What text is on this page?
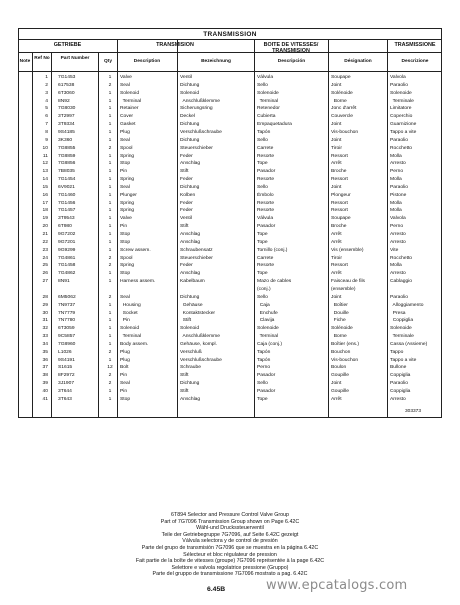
TRANSMISSION
GETRIEBE	TRANSMISION	BOITE DE VITESSES/ TRANSMISION
TRASMISSIONE
Note
Ref No	Part Number
Qty	Description	Bezeichnung	Descripción	Désignation	Descrizione
1 7G1453	1	Valve	Ventil	Válvula	Soupape	Valvola
2 617538	2	Seal	Dichtung	Sello	Joint	Paraolio
3 6T3060	1	Solenoid	Solenoid	Solenoide	Solénoide	Solenoide
4 8N92	1	Terminal	Anschlußklemme	Terminal	Borne	Terminale
5 7G8030	1	Retainer	Sicherungsring	Retenedor	Jonc d'arrêt	Limitatore
6 3T2997	1	Cover	Deckel	Cubierta	Couvercle	Coperchio
7 3T9334	1	Gasket	Dichtung	Empaquetadura	Joint	Guarnizione
8 9S4185	1	Plug	Verschlußschraube	Tapón	Vis-bouchon	Tappo a vite
9 3K360	1	Seal	Dichtung	Sello	Joint	Paraolio
10 7G8855	2	Spool	Steuerschieber	Carrete	Tiroir	Rocchetto
11 7G8859	1	Spring	Feder	Resorte	Ressort	Molla
12 7G8856	1	Stop	Anschlag	Tope	Arrêt	Arresto
13 7B8035	1	Pin	Stift	Pasador	Broche	Perno
14 7G1454	1	Spring	Feder	Resorte	Ressort	Molla
15 6V9021	1	Seal	Dichtung	Sello	Joint	Paraolio
16 7G1460	1	Plunger	Kolben	Émbolo	Plongeur	Pistone
17 7G1456	1	Spring	Feder	Resorte	Ressort	Molla
18 7G1457	1	Spring	Feder	Resorte	Ressort	Molla
19 3T9543	1	Valve	Ventil	Válvula	Soupape	Valvola
20 6T980	1	Pin	Stift	Pasador	Broche	Perno
21 9G7202	1	Stop	Anschlag	Tope	Arrêt	Arresto
22 9G7201	1	Stop	Anschlag	Tope	Arrêt	Arresto
23 9G9299	1	Screw assem.	Schraubensatz	Tornillo (conj.)	Vis (ensemble)	Vite
24 7G4861	2	Spool	Steuerschieber	Carrete	Tiroir	Rocchetto
25 7G1458	2	Spring	Feder	Resorte	Ressort	Molla
26 7G4862	1	Stop	Anschlag	Tope	Arrêt	Arresto
27 8N91	1	Harness assem.	Kabelbaum	Mazo de cables	Faisceau de fils	Cablaggio
(conj.)	(ensemble)
28 6M5062	2	Seal	Dichtung	Sello	Joint	Paraolio
29 7N9737	1	Housing	Gehäuse	Caja	Boîtier	Alloggiamento
30 7N7779	1	Socket	Kontaktstecker	Enchufe	Douille	Presa
31 7N7780	1	Pin	Stift	Clavija	Fiche	Coppiglia
32 6T3059	1	Solenoid	Solenoid	Solenoide	Solénoide	Solenoide
33 9C5857	1	Terminal	Anschlußklemme	Terminal	Borne	Terminale
34 7G8960	1	Body assem.	Gehäuse, kompl.	Caja (conj.)	Boîtier (ens.)	Cassa (Assieme)
35 L1026	2	Plug	Verschluß	Tapón	Bouchon	Tappo
36 9S4191	1	Plug	Verschlußschraube	Tapón	Vis-bouchon	Tappo a vite
37 S1615	12	Bolt	Schraube	Perno	Boulon	Bullone
38 8F2972	2	Pin	Stift	Pasador	Goupille	Coppiglia
39 3J1907	2	Seal	Dichtung	Sello	Joint	Paraolio
40 3T644	1	Pin	Stift	Pasador	Goupille	Coppiglia
41 3T643	1	Stop	Anschlag	Tope	Arrêt	Arresto
303373
6T894 Selector and Pressure Control Valve Group
Part of 7G7096 Transmission Group shown on Page 6.42C
Wähl-und Druckssteuerventil
Teile der Getriebegruppe 7G7096, auf Seite 6.42C gezeigt
Válvula selectora y de control de presión
Parte del grupo de transmisión 7G7096 que se muestra en la página 6.42C
Sélecteur et bloc régulateur de pression
Fait partie de la boîte de vitesses (groupe) 7G7096 représentée à la page 6.42C
Selettore e valvola regolatrice pressione (Gruppo)
Parte del gruppo de transmissione 7G7096 mostrato a pag. 6.42C
6.45B	www.epcatalogs.com
